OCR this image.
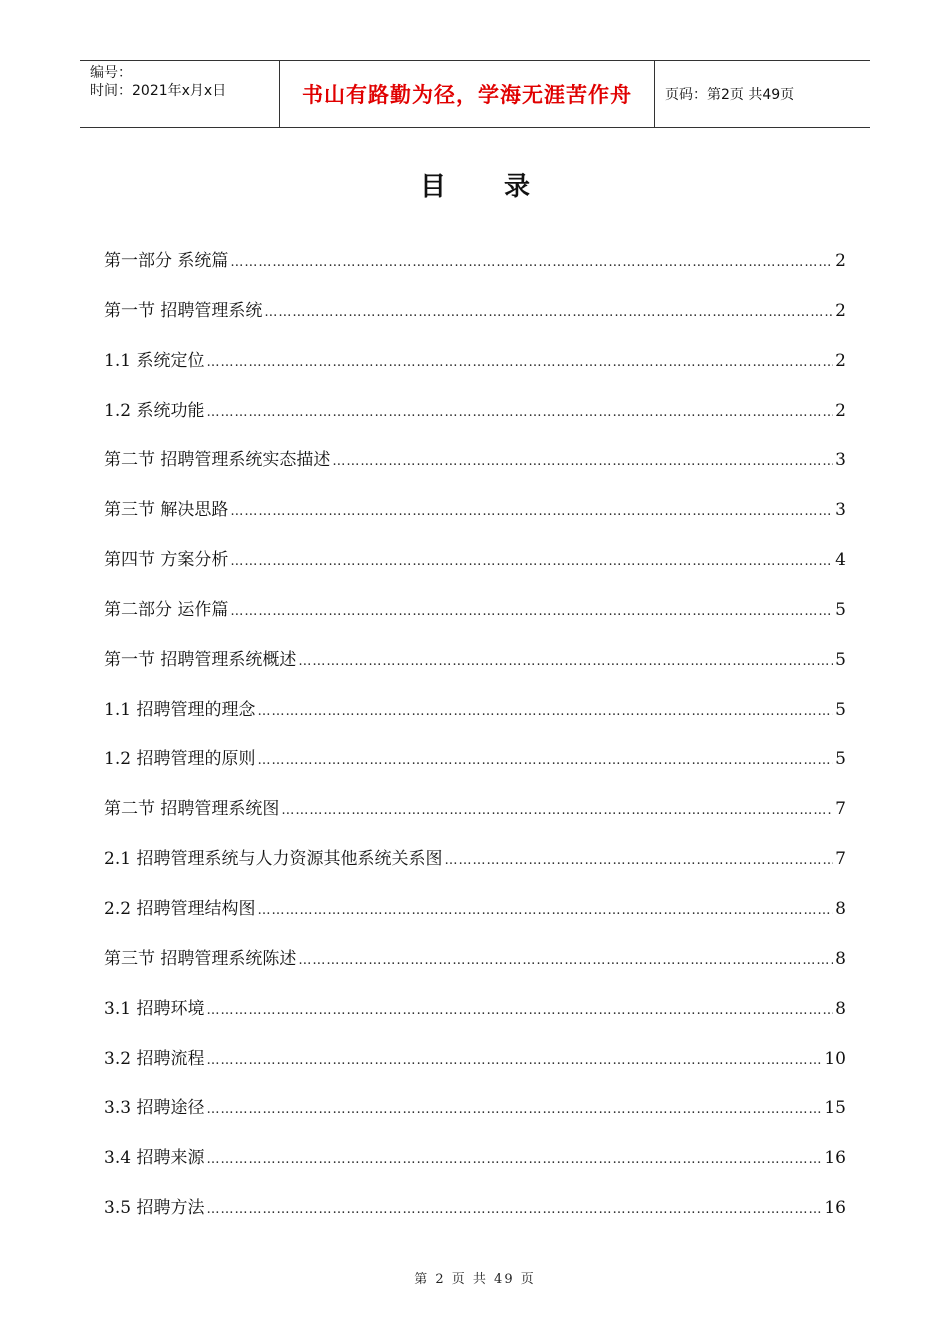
编号：
时间：2021年x月x日	书山有路勤为径，学海无涯苦作舟	页码：第2页 共49页
目录
第一部分 系统篇 ……………………………………………………………………………………………………………………………………………………………………………………………………………………	2
第一节 招聘管理系统 ……………………………………………………………………………………………………………………………………………………………………………………………………………………	2
1.1 系统定位 ……………………………………………………………………………………………………………………………………………………………………………………………………………………	2
1.2 系统功能 ……………………………………………………………………………………………………………………………………………………………………………………………………………………	2
第二节 招聘管理系统实态描述 ……………………………………………………………………………………………………………………………………………………………………………………………………………………	3
第三节 解决思路 ……………………………………………………………………………………………………………………………………………………………………………………………………………………	3
第四节 方案分析 ……………………………………………………………………………………………………………………………………………………………………………………………………………………	4
第二部分 运作篇 ……………………………………………………………………………………………………………………………………………………………………………………………………………………	5
第一节 招聘管理系统概述 ……………………………………………………………………………………………………………………………………………………………………………………………………………………	5
1.1 招聘管理的理念 ……………………………………………………………………………………………………………………………………………………………………………………………………………………	5
1.2 招聘管理的原则 ……………………………………………………………………………………………………………………………………………………………………………………………………………………	5
第二节 招聘管理系统图 ……………………………………………………………………………………………………………………………………………………………………………………………………………………	7
2.1 招聘管理系统与人力资源其他系统关系图 ……………………………………………………………………………………………………………………………………………………………………………………………………………………	7
2.2 招聘管理结构图 ……………………………………………………………………………………………………………………………………………………………………………………………………………………	8
第三节 招聘管理系统陈述 ……………………………………………………………………………………………………………………………………………………………………………………………………………………	8
3.1 招聘环境 ……………………………………………………………………………………………………………………………………………………………………………………………………………………	8
3.2 招聘流程 ……………………………………………………………………………………………………………………………………………………………………………………………………………………	10
3.3 招聘途径 ……………………………………………………………………………………………………………………………………………………………………………………………………………………	15
3.4 招聘来源 ……………………………………………………………………………………………………………………………………………………………………………………………………………………	16
3.5 招聘方法 ……………………………………………………………………………………………………………………………………………………………………………………………………………………	16
第 2 页 共 49 页
